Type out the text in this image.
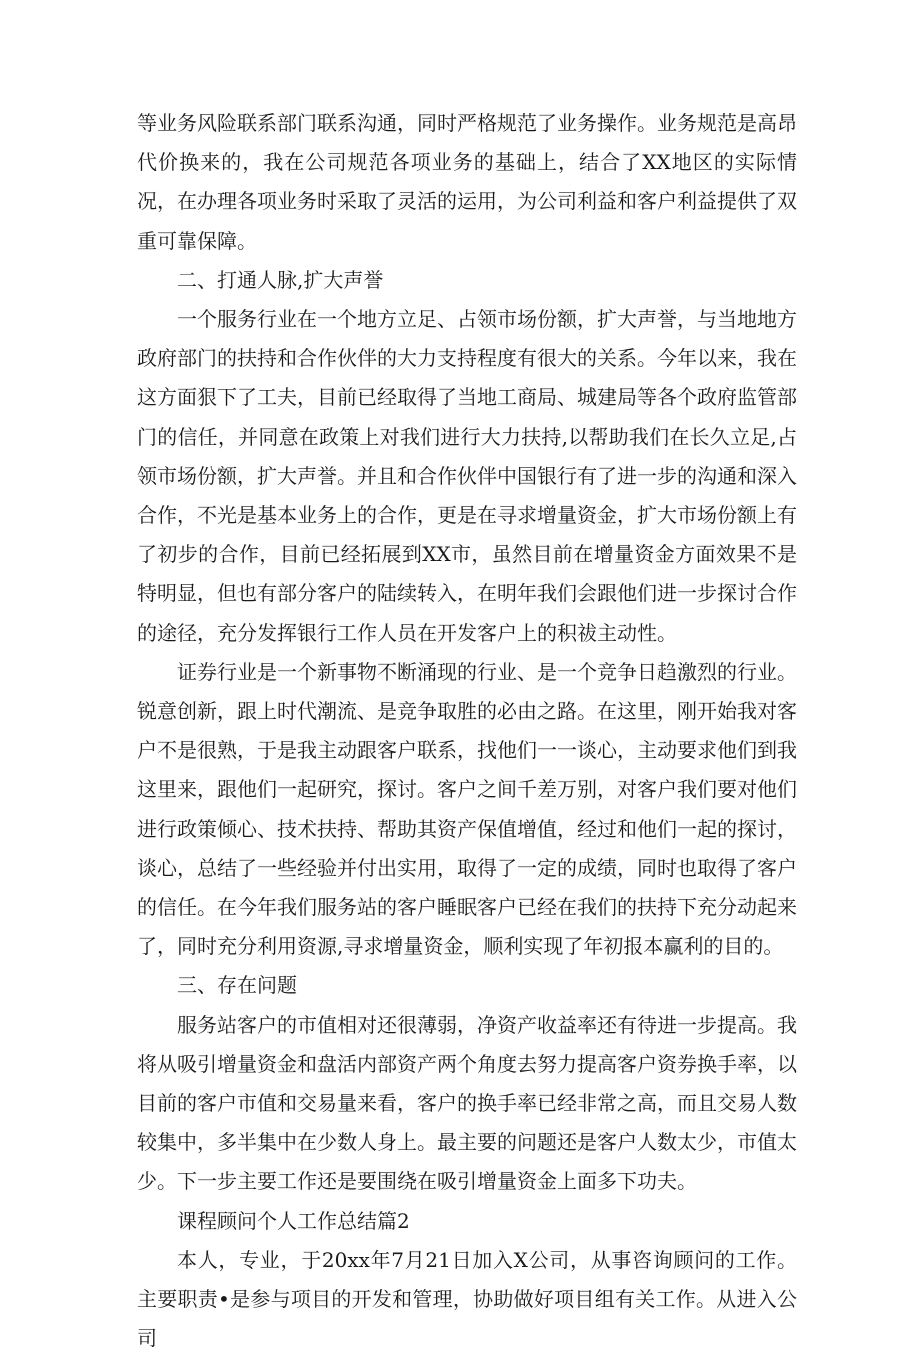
等业务风险联系部门联系沟通，同时严格规范了业务操作。业务规范是高昂代价换来的，我在公司规范各项业务的基础上，结合了XX地区的实际情况，在办理各项业务时采取了灵活的运用，为公司利益和客户利益提供了双重可靠保障。

二、打通人脉,扩大声誉

一个服务行业在一个地方立足、占领市场份额，扩大声誉，与当地地方政府部门的扶持和合作伙伴的大力支持程度有很大的关系。今年以来，我在这方面狠下了工夫，目前已经取得了当地工商局、城建局等各个政府监管部门的信任，并同意在政策上对我们进行大力扶持,以帮助我们在长久立足,占领市场份额，扩大声誉。并且和合作伙伴中国银行有了进一步的沟通和深入合作，不光是基本业务上的合作，更是在寻求增量资金，扩大市场份额上有了初步的合作，目前已经拓展到XX市，虽然目前在增量资金方面效果不是特明显，但也有部分客户的陆续转入，在明年我们会跟他们进一步探讨合作的途径，充分发挥银行工作人员在开发客户上的积祓主动性。

证券行业是一个新事物不断涌现的行业、是一个竞争日趋激烈的行业。锐意创新，跟上时代潮流、是竞争取胜的必由之路。在这里，刚开始我对客户不是很熟，于是我主动跟客户联系，找他们一一谈心，主动要求他们到我这里来，跟他们一起研究，探讨。客户之间千差万别，对客户我们要对他们进行政策倾心、技术扶持、帮助其资产保值增值，经过和他们一起的探讨，谈心，总结了一些经验并付出实用，取得了一定的成绩，同时也取得了客户的信任。在今年我们服务站的客户睡眠客户已经在我们的扶持下充分动起来了，同时充分利用资源,寻求增量资金，顺利实现了年初报本赢利的目的。

三、存在问题

服务站客户的市值相对还很薄弱，净资产收益率还有待进一步提高。我将从吸引增量资金和盘活内部资产两个角度去努力提高客户资券换手率，以目前的客户市值和交易量来看，客户的换手率已经非常之高，而且交易人数较集中，多半集中在少数人身上。最主要的问题还是客户人数太少，市值太少。下一步主要工作还是要围绕在吸引增量资金上面多下功夫。

课程顾问个人工作总结篇2

本人，专业，于20xx年7月21日加入X公司，从事咨询顾问的工作。主要职责•是参与项目的开发和管理，协助做好项目组有关工作。从进入公司
